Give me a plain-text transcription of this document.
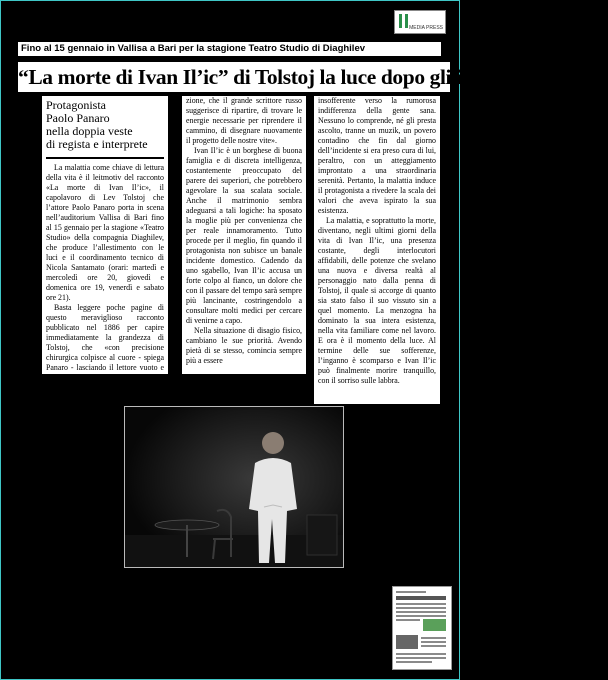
MEDIA PRESS
Fino al 15 gennaio in Vallisa a Bari per la stagione Teatro Studio di Diaghilev
“La morte di Ivan Il’ic” di Tolstoj la luce dopo gli inganni della vita
Protagonista
Paolo Panaro
nella doppia veste
di regista e interprete

La malattia come chiave di lettura della vita è il leitmotiv del racconto «La morte di Ivan Il’ic», il capolavoro di Lev Tolstoj che l’attore Paolo Panaro porta in scena nell’auditorium Vallisa di Bari fino al 15 gennaio per la stagione «Teatro Studio» della compagnia Diaghilev, che produce l’allestimento con le luci e il coordinamento tecnico di Nicola Santamato (orari: martedì e mercoledì ore 20, giovedì e domenica ore 19, venerdì e sabato ore 21).

Basta leggere poche pagine di questo meraviglioso racconto pubblicato nel 1886 per capire immediatamente la grandezza di Tolstoj, che «con precisione chirurgica colpisce al cuore - spiega Panaro - lasciando il lettore vuoto e senza speranze. Ma è proprio da qui, da questa sconfinata dispera-

zione, che il grande scrittore russo suggerisce di ripartire, di trovare le energie necessarie per riprendere il cammino, di disegnare nuovamente il progetto delle nostre vite».

Ivan Il’ic è un borghese di buona famiglia e di discreta intelligenza, costantemente preoccupato del parere dei superiori, che potrebbero agevolare la sua scalata sociale. Anche il matrimonio sembra adeguarsi a tali logiche: ha sposato la moglie più per convenienza che per reale innamoramento. Tutto procede per il meglio, fin quando il protagonista non subisce un banale incidente domestico. Cadendo da uno sgabello, Ivan Il’ic accusa un forte colpo al fianco, un dolore che con il passare del tempo sarà sempre più lancinante, costringendolo a consultare molti medici per cercare di venirne a capo.

Nella situazione di disagio fisico, cambiano le sue priorità. Avendo pietà di se stesso, comincia sempre più a essere

insofferente verso la rumorosa indifferenza della gente sana. Nessuno lo comprende, né gli presta ascolto, tranne un muzik, un povero contadino che fin dal giorno dell’incidente si era preso cura di lui, peraltro, con un atteggiamento improntato a una straordinaria serenità. Pertanto, la malattia induce il protagonista a rivedere la scala dei valori che aveva ispirato la sua esistenza.

La malattia, e soprattutto la morte, diventano, negli ultimi giorni della vita di Ivan Il’ic, una presenza costante, degli interlocutori affidabili, delle potenze che svelano una nuova e diversa realtà al personaggio nato dalla penna di Tolstoj, il quale si accorge di quanto sia stato falso il suo vissuto sin a quel momento. La menzogna ha dominato la sua intera esistenza, nella vita familiare come nel lavoro. E ora è il momento della luce. Al termine delle sue sofferenze, l’inganno è scomparso e Ivan Il’ic può finalmente morire tranquillo, con il sorriso sulle labbra.
